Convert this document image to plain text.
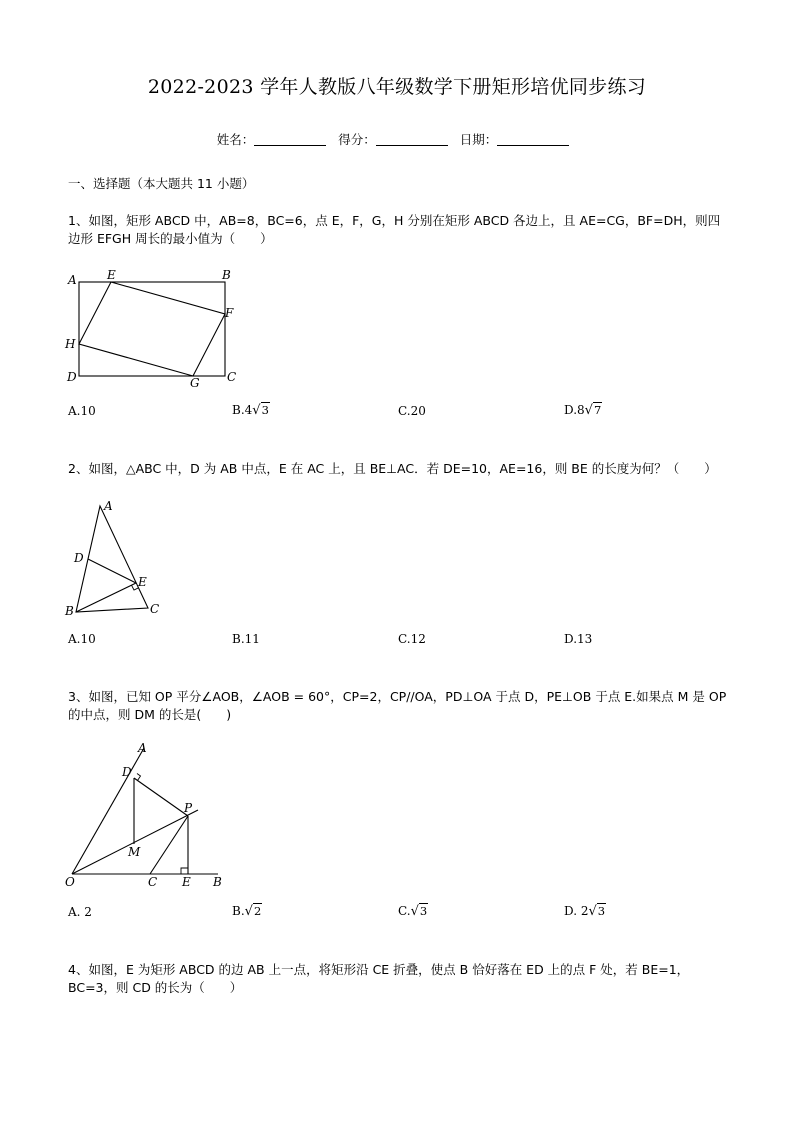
2022-2023 学年人教版八年级数学下册矩形培优同步练习
姓名：	得分：	日期：
一、选择题（本大题共 11 小题）
1、如图，矩形 ABCD 中，AB=8，BC=6，点 E，F，G，H 分别在矩形 ABCD 各边上，且 AE=CG，BF=DH，则四
边形 EFGH 周长的最小值为（　　）
A	E	B
F
H
D	G C
A.10	B.4√3	C.20	D.8√7
2、如图，△ABC 中，D 为 AB 中点，E 在 AC 上，且 BE⊥AC．若 DE=10，AE=16，则 BE 的长度为何？（　　）
A
D
E
B	C
A.10	B.11	C.12	D.13
3、如图，已知 OP 平分∠AOB，∠AOB = 60°，CP=2，CP//OA，PD⊥OA 于点 D，PE⊥OB 于点 E.如果点 M 是 OP
的中点，则 DM 的长是(　　)
A
D
P
M
O	C E B
A. 2	B.√2	C.√3	D. 2√3
4、如图，E 为矩形 ABCD 的边 AB 上一点，将矩形沿 CE 折叠，使点 B 恰好落在 ED 上的点 F 处，若 BE=1，
BC=3，则 CD 的长为（　　）
